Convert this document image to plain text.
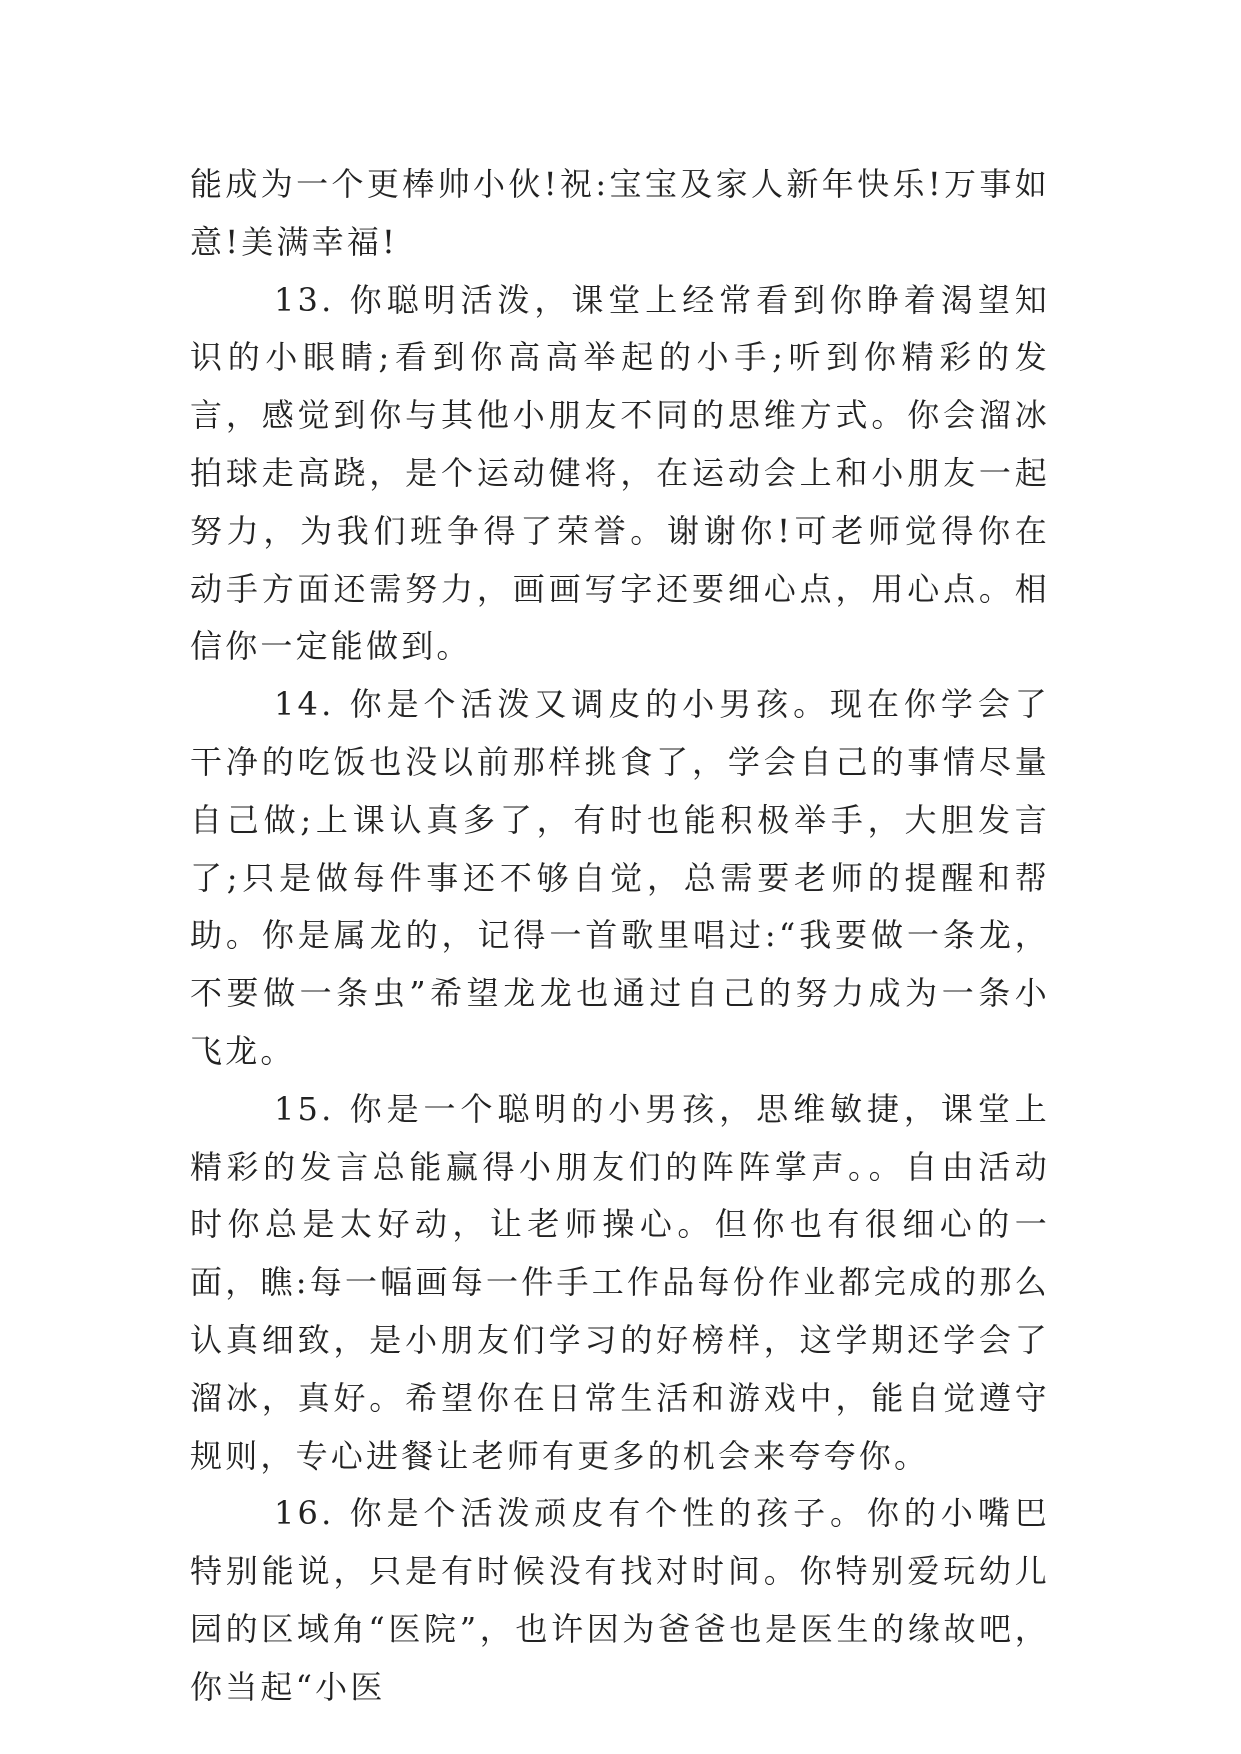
能成为一个更棒帅小伙!祝:宝宝及家人新年快乐!万事如意!美满幸福!

13. 你聪明活泼，课堂上经常看到你睁着渴望知识的小眼睛;看到你高高举起的小手;听到你精彩的发言，感觉到你与其他小朋友不同的思维方式。你会溜冰拍球走高跷，是个运动健将，在运动会上和小朋友一起努力，为我们班争得了荣誉。谢谢你!可老师觉得你在动手方面还需努力，画画写字还要细心点，用心点。相信你一定能做到。

14. 你是个活泼又调皮的小男孩。现在你学会了干净的吃饭也没以前那样挑食了，学会自己的事情尽量自己做;上课认真多了，有时也能积极举手，大胆发言了;只是做每件事还不够自觉，总需要老师的提醒和帮助。你是属龙的，记得一首歌里唱过:“我要做一条龙，不要做一条虫”希望龙龙也通过自己的努力成为一条小飞龙。

15. 你是一个聪明的小男孩，思维敏捷，课堂上精彩的发言总能赢得小朋友们的阵阵掌声。。自由活动时你总是太好动，让老师操心。但你也有很细心的一面，瞧:每一幅画每一件手工作品每份作业都完成的那么认真细致，是小朋友们学习的好榜样，这学期还学会了溜冰，真好。希望你在日常生活和游戏中，能自觉遵守规则，专心进餐让老师有更多的机会来夸夸你。

16. 你是个活泼顽皮有个性的孩子。你的小嘴巴特别能说，只是有时候没有找对时间。你特别爱玩幼儿园的区域角“医院”，也许因为爸爸也是医生的缘故吧，你当起“小医
